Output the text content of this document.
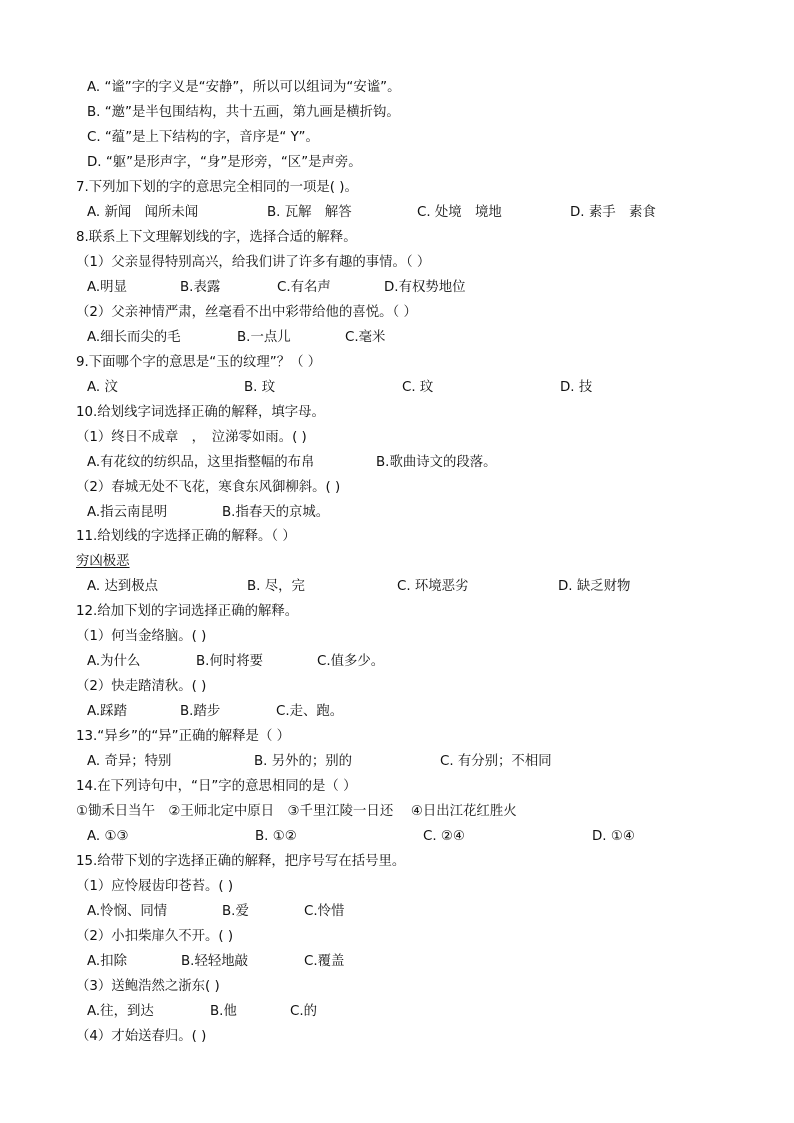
A. “谧”字的字义是“安静”，所以可以组词为“安谧”。
B. “邀”是半包围结构，共十五画，第九画是横折钩。
C. “蕴”是上下结构的字，音序是“ Y”。
D. “躯”是形声字，“身”是形旁，“区”是声旁。
7.下列加下划的字的意思完全相同的一项是( )。
A. 新闻　闻所未闻	B. 瓦解　解答	C. 处境　境地	D. 素手　素食
8.联系上下文理解划线的字，选择合适的解释。
（1）父亲显得特别高兴，给我们讲了许多有趣的事情。（ ）
A.明显	B.表露	C.有名声	D.有权势地位
（2）父亲神情严肃，丝毫看不出中彩带给他的喜悦。（ ）
A.细长而尖的毛	B.一点儿	C.毫米
9.下面哪个字的意思是“玉的纹理”？（ ）
A. 汶	B. 玟	C. 玟	D. 技
10.给划线字词选择正确的解释，填字母。
（1）终日不成章　，　泣涕零如雨。( )
A.有花纹的纺织品，这里指整幅的布帛	B.歌曲诗文的段落。
（2）春城无处不飞花，寒食东风御柳斜。( )
A.指云南昆明	B.指春天的京城。
11.给划线的字选择正确的解释。（ ）
穷凶极恶
A. 达到极点	B. 尽，完	C. 环境恶劣	D. 缺乏财物
12.给加下划的字词选择正确的解释。
（1）何当金络脑。( )
A.为什么	B.何时将要	C.值多少。
（2）快走踏清秋。( )
A.踩踏	B.踏步	C.走、跑。
13.“异乡”的“异”正确的解释是（ ）
A. 奇异；特别	B. 另外的；别的	C. 有分别；不相同
14.在下列诗句中，“日”字的意思相同的是（ ）
①锄禾日当午　②王师北定中原日　③千里江陵一日还　 ④日出江花红胜火
A. ①③	B. ①②	C. ②④	D. ①④
15.给带下划的字选择正确的解释，把序号写在括号里。
（1）应怜屐齿印苍苔。( )
A.怜悯、同情	B.爱	C.怜惜
（2）小扣柴扉久不开。( )
A.扣除	B.轻轻地敲	C.覆盖
（3）送鲍浩然之浙东( )
A.往，到达	B.他	C.的
（4）才始送春归。( )
